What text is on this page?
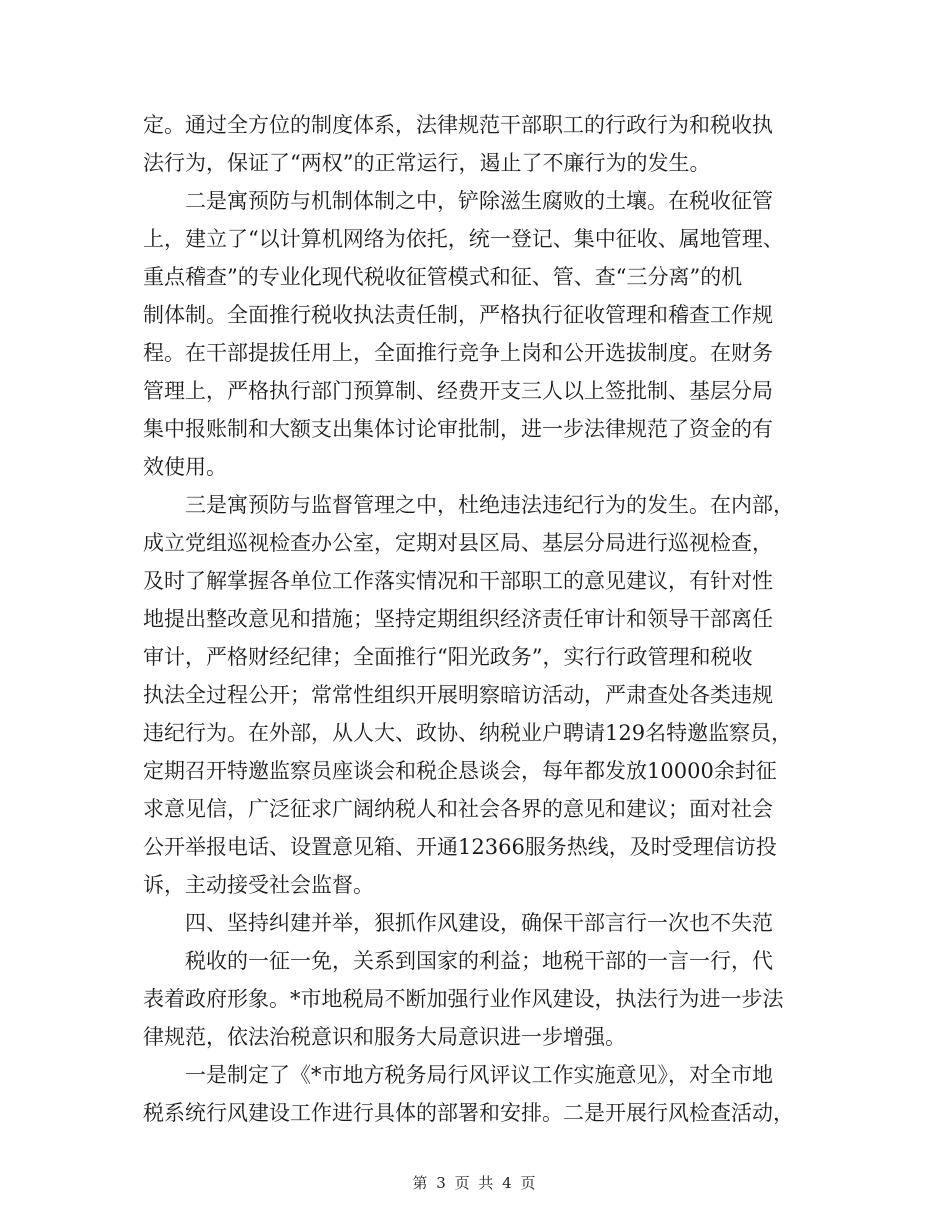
定。通过全方位的制度体系，法律规范干部职工的行政行为和税收执
法行为，保证了“两权”的正常运行，遏止了不廉行为的发生。
二是寓预防与机制体制之中，铲除滋生腐败的土壤。在税收征管
上，建立了“以计算机网络为依托，统一登记、集中征收、属地管理、
重点稽查”的专业化现代税收征管模式和征、管、查“三分离”的机
制体制。全面推行税收执法责任制，严格执行征收管理和稽查工作规
程。在干部提拔任用上，全面推行竞争上岗和公开选拔制度。在财务
管理上，严格执行部门预算制、经费开支三人以上签批制、基层分局
集中报账制和大额支出集体讨论审批制，进一步法律规范了资金的有
效使用。
三是寓预防与监督管理之中，杜绝违法违纪行为的发生。在内部，
成立党组巡视检查办公室，定期对县区局、基层分局进行巡视检查，
及时了解掌握各单位工作落实情况和干部职工的意见建议，有针对性
地提出整改意见和措施；坚持定期组织经济责任审计和领导干部离任
审计，严格财经纪律；全面推行“阳光政务”，实行行政管理和税收
执法全过程公开；常常性组织开展明察暗访活动，严肃查处各类违规
违纪行为。在外部，从人大、政协、纳税业户聘请129名特邀监察员，
定期召开特邀监察员座谈会和税企恳谈会，每年都发放10000余封征
求意见信，广泛征求广阔纳税人和社会各界的意见和建议；面对社会
公开举报电话、设置意见箱、开通12366服务热线，及时受理信访投
诉，主动接受社会监督。
四、坚持纠建并举，狠抓作风建设，确保干部言行一次也不失范
税收的一征一免，关系到国家的利益；地税干部的一言一行，代
表着政府形象。*市地税局不断加强行业作风建设，执法行为进一步法
律规范，依法治税意识和服务大局意识进一步增强。
一是制定了《*市地方税务局行风评议工作实施意见》，对全市地
税系统行风建设工作进行具体的部署和安排。二是开展行风检查活动，
第 3 页 共 4 页
